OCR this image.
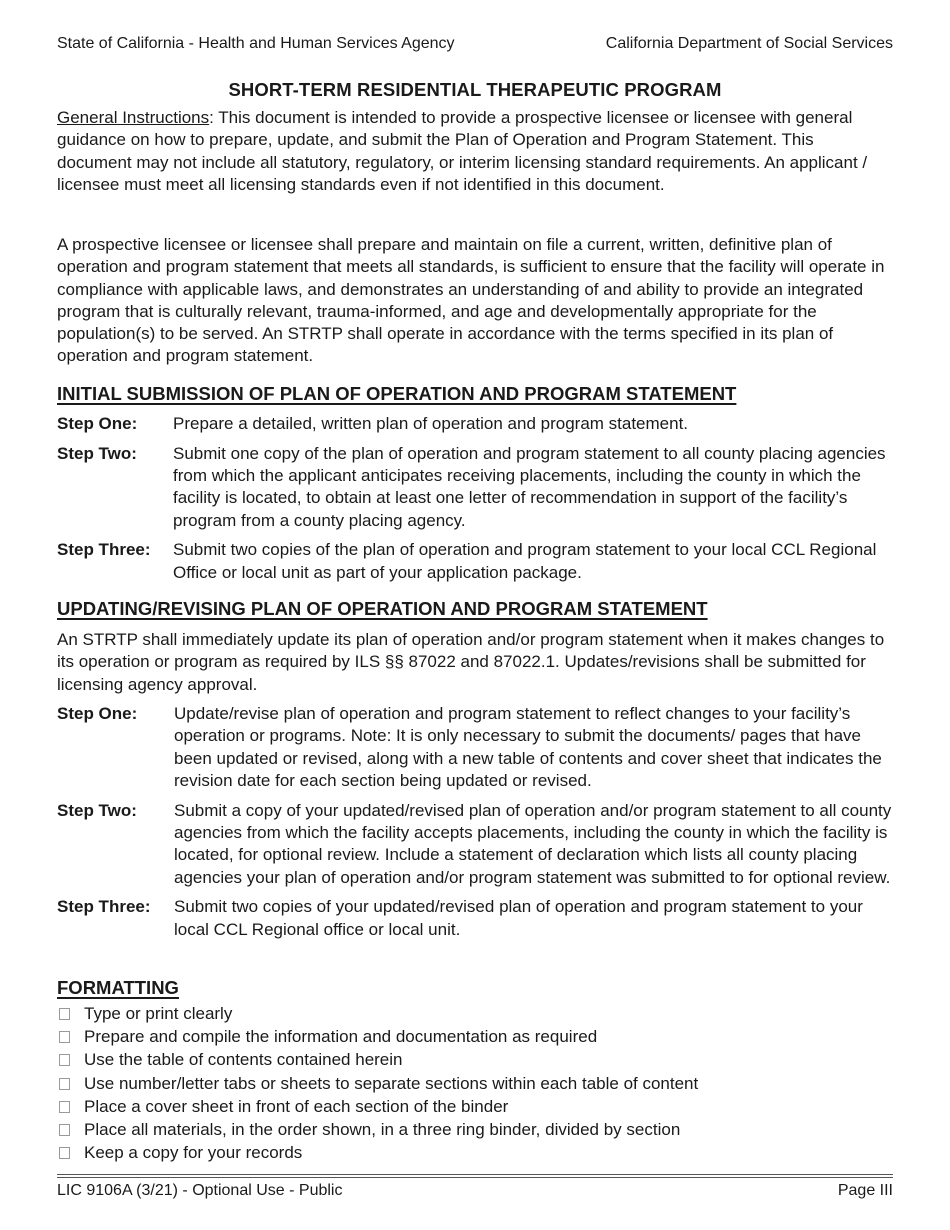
State of California - Health and Human Services Agency	California Department of Social Services
SHORT-TERM RESIDENTIAL THERAPEUTIC PROGRAM

General Instructions: This document is intended to provide a prospective licensee or licensee with general guidance on how to prepare, update, and submit the Plan of Operation and Program Statement. This document may not include all statutory, regulatory, or interim licensing standard requirements. An applicant / licensee must meet all licensing standards even if not identified in this document.

A prospective licensee or licensee shall prepare and maintain on file a current, written, definitive plan of operation and program statement that meets all standards, is sufficient to ensure that the facility will operate in compliance with applicable laws, and demonstrates an understanding of and ability to provide an integrated program that is culturally relevant, trauma-informed, and age and developmentally appropriate for the population(s) to be served. An STRTP shall operate in accordance with the terms specified in its plan of operation and program statement.

INITIAL SUBMISSION OF PLAN OF OPERATION AND PROGRAM STATEMENT
Step One:	Prepare a detailed, written plan of operation and program statement.
Step Two:	Submit one copy of the plan of operation and program statement to all county placing agencies from which the applicant anticipates receiving placements, including the county in which the facility is located, to obtain at least one letter of recommendation in support of the facility’s program from a county placing agency.
Step Three:	Submit two copies of the plan of operation and program statement to your local CCL Regional Office or local unit as part of your application package.
UPDATING/REVISING PLAN OF OPERATION AND PROGRAM STATEMENT

An STRTP shall immediately update its plan of operation and/or program statement when it makes changes to its operation or program as required by ILS §§ 87022 and 87022.1. Updates/revisions shall be submitted for licensing agency approval.

Step One:	Update/revise plan of operation and program statement to reflect changes to your facility’s operation or programs. Note: It is only necessary to submit the documents/ pages that have been updated or revised, along with a new table of contents and cover sheet that indicates the revision date for each section being updated or revised.
Step Two:	Submit a copy of your updated/revised plan of operation and/or program statement to all county agencies from which the facility accepts placements, including the county in which the facility is located, for optional review. Include a statement of declaration which lists all county placing agencies your plan of operation and/or program statement was submitted to for optional review.
Step Three:	Submit two copies of your updated/revised plan of operation and program statement to your local CCL Regional office or local unit.
FORMATTING
Type or print clearly
Prepare and compile the information and documentation as required
Use the table of contents contained herein
Use number/letter tabs or sheets to separate sections within each table of content
Place a cover sheet in front of each section of the binder
Place all materials, in the order shown, in a three ring binder, divided by section
Keep a copy for your records
LIC 9106A (3/21) - Optional Use - Public	Page III
